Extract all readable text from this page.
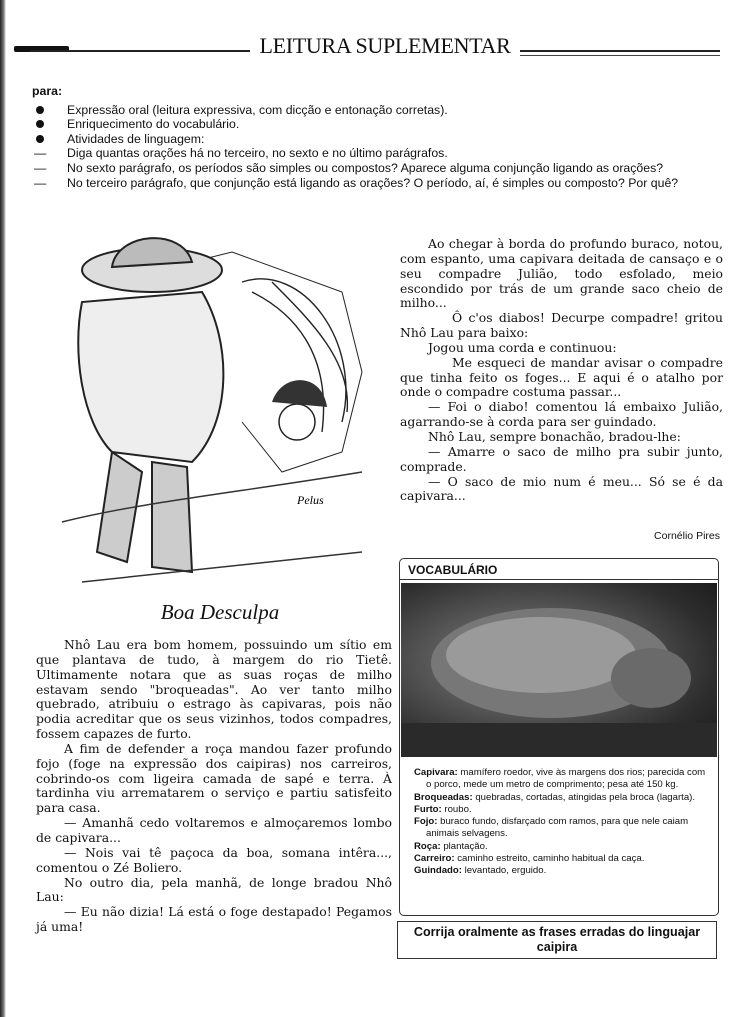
LEITURA SUPLEMENTAR
para:
Expressão oral (leitura expressiva, com dicção e entonação corretas).
Enriquecimento do vocabulário.
Atividades de linguagem:
— Diga quantas orações há no terceiro, no sexto e no último parágrafos.
— No sexto parágrafo, os períodos são simples ou compostos? Aparece alguma conjunção ligando as orações?
— No terceiro parágrafo, que conjunção está ligando as orações? O período, aí, é simples ou composto? Por quê?
Pelus
Boa Desculpa

Nhô Lau era bom homem, possuindo um sítio em que plantava de tudo, à margem do rio Tietê. Ultimamente notara que as suas roças de milho estavam sendo "broqueadas". Ao ver tanto milho quebrado, atribuiu o estrago às capivaras, pois não podia acreditar que os seus vizinhos, todos compadres, fossem capazes de furto.

A fim de defender a roça mandou fazer profundo fojo (foge na expressão dos caipiras) nos carreiros, cobrindo-os com ligeira camada de sapé e terra. À tardinha viu arrematarem o serviço e partiu satisfeito para casa.

— Amanhã cedo voltaremos e almoçaremos lombo de capivara...

— Nois vai tê paçoca da boa, somana intêra..., comentou o Zé Boliero.

No outro dia, pela manhã, de longe bradou Nhô Lau:

— Eu não dizia! Lá está o foge destapado! Pegamos já uma!

Ao chegar à borda do profundo buraco, notou, com espanto, uma capivara deitada de cansaço e o seu compadre Julião, todo esfolado, meio escondido por trás de um grande saco cheio de milho...

Ô c'os diabos! Decurpe compadre! gritou Nhô Lau para baixo:

Jogou uma corda e continuou:

Me esqueci de mandar avisar o compadre que tinha feito os foges... E aqui é o atalho por onde o compadre costuma passar...

— Foi o diabo! comentou lá embaixo Julião, agarrando-se à corda para ser guindado.

Nhô Lau, sempre bonachão, bradou-lhe:

— Amarre o saco de milho pra subir junto, comprade.

— O saco de mio num é meu... Só se é da capivara...

Cornélio Pires
VOCABULÁRIO
Capivara: mamífero roedor, vive às margens dos rios; parecida com o porco, mede um metro de comprimento; pesa até 150 kg.
Broqueadas: quebradas, cortadas, atingidas pela broca (lagarta).
Furto: roubo.
Fojo: buraco fundo, disfarçado com ramos, para que nele caiam animais selvagens.
Roça: plantação.
Carreiro: caminho estreito, caminho habitual da caça.
Guindado: levantado, erguido.
Corrija oralmente as frases erradas do linguajar caipira
